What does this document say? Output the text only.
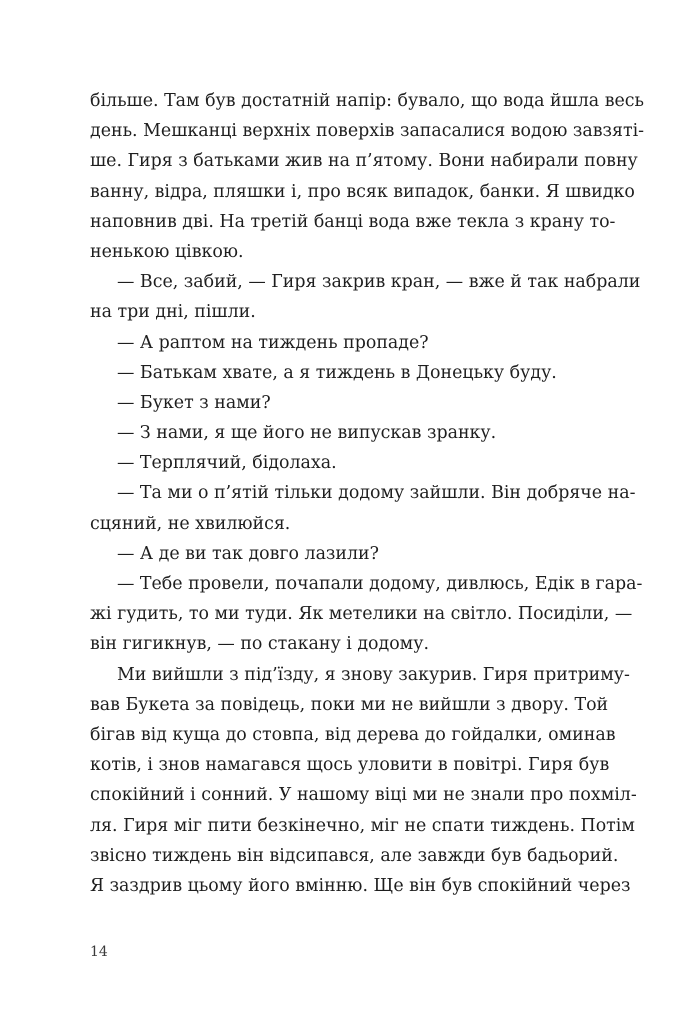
більше. Там був достатній напір: бувало, що вода йшла весь
день. Мешканці верхніх поверхів запасалися водою завзяті-
ше. Гиря з батьками жив на п’ятому. Вони набирали повну
ванну, відра, пляшки і, про всяк випадок, банки. Я швидко
наповнив дві. На третій банці вода вже текла з крану то-
ненькою цівкою.
— Все, забий, — Гиря закрив кран, — вже й так набрали
на три дні, пішли.
— А раптом на тиждень пропаде?
— Батькам хвате, а я тиждень в Донецьку буду.
— Букет з нами?
— З нами, я ще його не випускав зранку.
— Терплячий, бідолаха.
— Та ми о п’ятій тільки додому зайшли. Він добряче на-
сцяний, не хвилюйся.
— А де ви так довго лазили?
— Тебе провели, почапали додому, дивлюсь, Едік в гара-
жі гудить, то ми туди. Як метелики на світло. Посиділи, —
він гигикнув, — по стакану і додому.
Ми вийшли з під’їзду, я знову закурив. Гиря притриму-
вав Букета за повідець, поки ми не вийшли з двору. Той
бігав від куща до стовпа, від дерева до гойдалки, оминав
котів, і знов намагався щось уловити в повітрі. Гиря був
спокійний і сонний. У нашому віці ми не знали про похміл-
ля. Гиря міг пити безкінечно, міг не спати тиждень. Потім
звісно тиждень він відсипався, але завжди був бадьорий.
Я заздрив цьому його вмінню. Ще він був спокійний через
14
